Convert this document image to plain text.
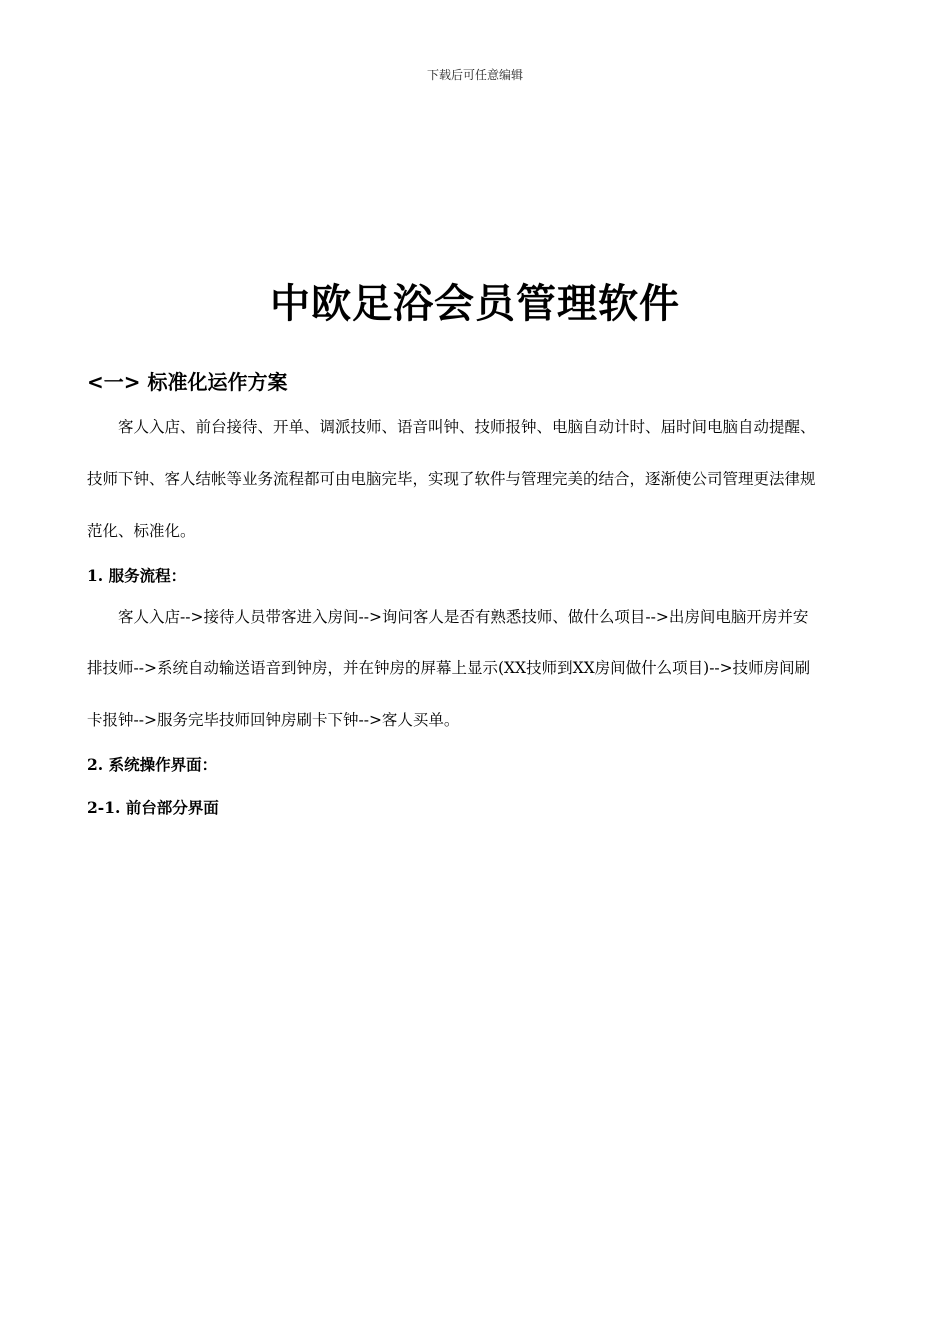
下载后可任意编辑
中欧足浴会员管理软件
<一> 标准化运作方案
　　客人入店、前台接待、开单、调派技师、语音叫钟、技师报钟、电脑自动计时、届时间电脑自动提醒、
技师下钟、客人结帐等业务流程都可由电脑完毕，实现了软件与管理完美的结合，逐渐使公司管理更法律规
范化、标准化。
1. 服务流程：
　　客人入店-->接待人员带客进入房间-->询问客人是否有熟悉技师、做什么项目-->出房间电脑开房并安
排技师-->系统自动输送语音到钟房，并在钟房的屏幕上显示(XX技师到XX房间做什么项目)-->技师房间刷
卡报钟-->服务完毕技师回钟房刷卡下钟-->客人买单。
2. 系统操作界面：
2-1. 前台部分界面
